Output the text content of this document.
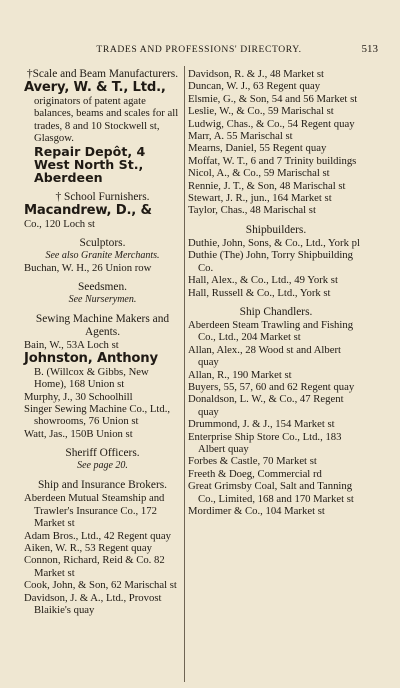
TRADES AND PROFESSIONS' DIRECTORY.	513
†Scale and Beam Manufacturers.
Avery, W. & T., Ltd.,
originators of patent agate balances, beams and scales for all trades, 8 and 10 Stockwell st, Glasgow.
Repair Depôt, 4
West North St.,
Aberdeen
† School Furnishers.
Macandrew, D., &
Co., 120 Loch st
Sculptors.
See also Granite Merchants.
Buchan, W. H., 26 Union row
Seedsmen.
See Nurserymen.
Sewing Machine Makers and Agents.
Bain, W., 53A Loch st
Johnston, Anthony
B. (Willcox & Gibbs, New Home), 168 Union st
Murphy, J., 30 Schoolhill
Singer Sewing Machine Co., Ltd., showrooms, 76 Union st
Watt, Jas., 150B Union st
Sheriff Officers.
See page 20.
Ship and Insurance Brokers.
Aberdeen Mutual Steamship and Trawler's Insurance Co., 172 Market st
Adam Bros., Ltd., 42 Regent quay
Aiken, W. R., 53 Regent quay
Connon, Richard, Reid & Co. 82 Market st
Cook, John, & Son, 62 Marischal st
Davidson, J. & A., Ltd., Provost Blaikie's quay
Davidson, R. & J., 48 Market st
Duncan, W. J., 63 Regent quay
Elsmie, G., & Son, 54 and 56 Market st
Leslie, W., & Co., 59 Marischal st
Ludwig, Chas., & Co., 54 Regent quay
Marr, A. 55 Marischal st
Mearns, Daniel, 55 Regent quay
Moffat, W. T., 6 and 7 Trinity buildings
Nicol, A., & Co., 59 Marischal st
Rennie, J. T., & Son, 48 Marischal st
Stewart, J. R., jun., 164 Market st
Taylor, Chas., 48 Marischal st
Shipbuilders.
Duthie, John, Sons, & Co., Ltd., York pl
Duthie (The) John, Torry Shipbuilding Co.
Hall, Alex., & Co., Ltd., 49 York st
Hall, Russell & Co., Ltd., York st
Ship Chandlers.
Aberdeen Steam Trawling and Fishing Co., Ltd., 204 Market st
Allan, Alex., 28 Wood st and Albert quay
Allan, R., 190 Market st
Buyers, 55, 57, 60 and 62 Regent quay
Donaldson, L. W., & Co., 47 Regent quay
Drummond, J. & J., 154 Market st
Enterprise Ship Store Co., Ltd., 183 Albert quay
Forbes & Castle, 70 Market st
Freeth & Doeg, Commercial rd
Great Grimsby Coal, Salt and Tanning Co., Limited, 168 and 170 Market st
Mordimer & Co., 104 Market st
